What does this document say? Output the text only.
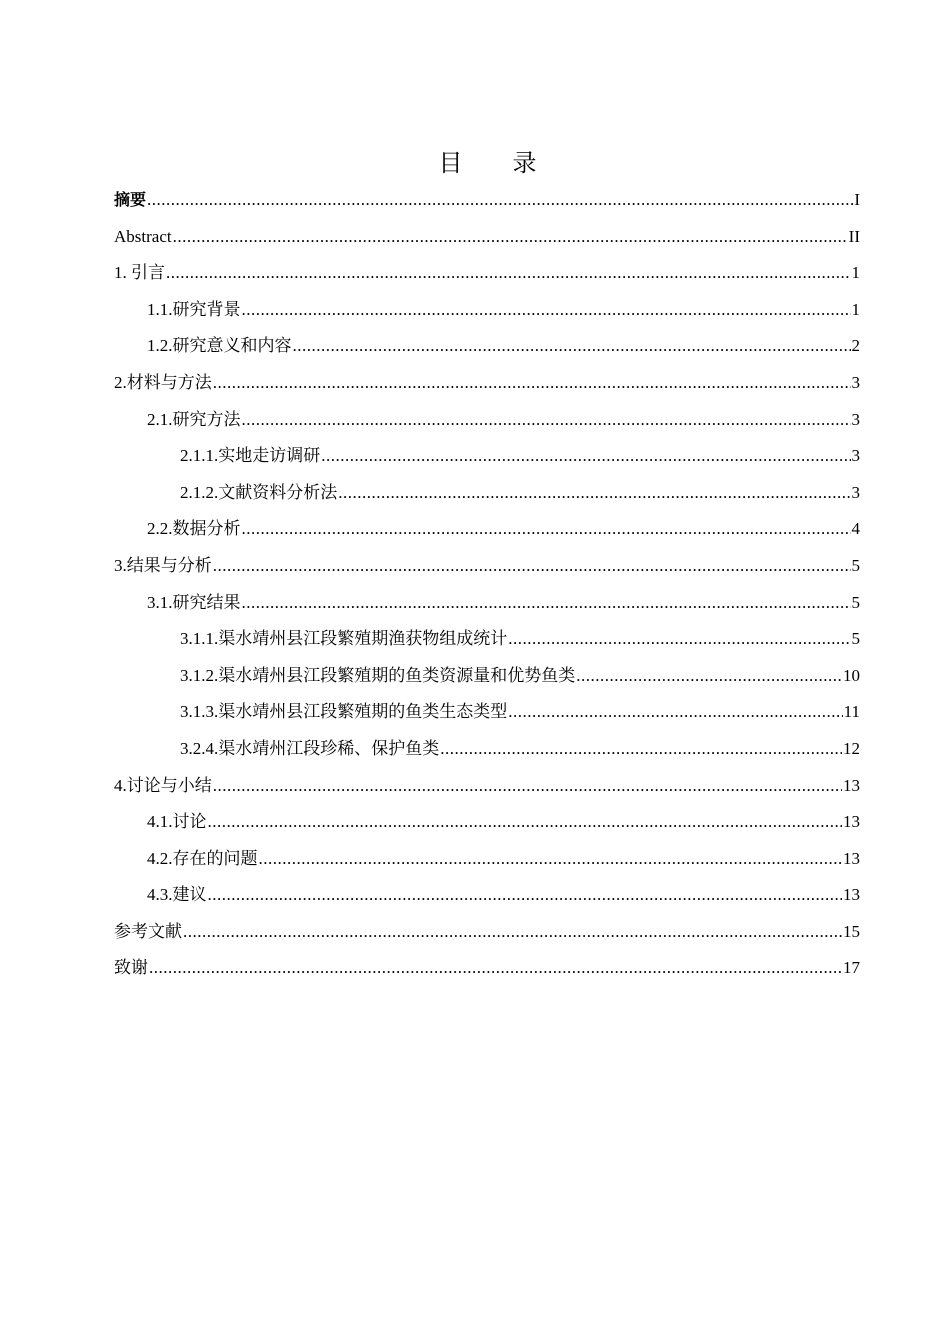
目 录
摘要 .....	I
Abstract .....	II
1. 引言 .....	1
1.1.研究背景 .....	1
1.2.研究意义和内容 .....	2
2.材料与方法 .....	3
2.1.研究方法 .....	3
2.1.1.实地走访调研 .....	3
2.1.2.文献资料分析法 .....	3
2.2.数据分析 .....	4
3.结果与分析 .....	5
3.1.研究结果 .....	5
3.1.1.渠水靖州县江段繁殖期渔获物组成统计 .....	5
3.1.2.渠水靖州县江段繁殖期的鱼类资源量和优势鱼类 .....	10
3.1.3.渠水靖州县江段繁殖期的鱼类生态类型 .....	11
3.2.4.渠水靖州江段珍稀、保护鱼类 .....	12
4.讨论与小结 .....	13
4.1.讨论 .....	13
4.2.存在的问题 .....	13
4.3.建议 .....	13
参考文献 .....	15
致谢 .....	17
